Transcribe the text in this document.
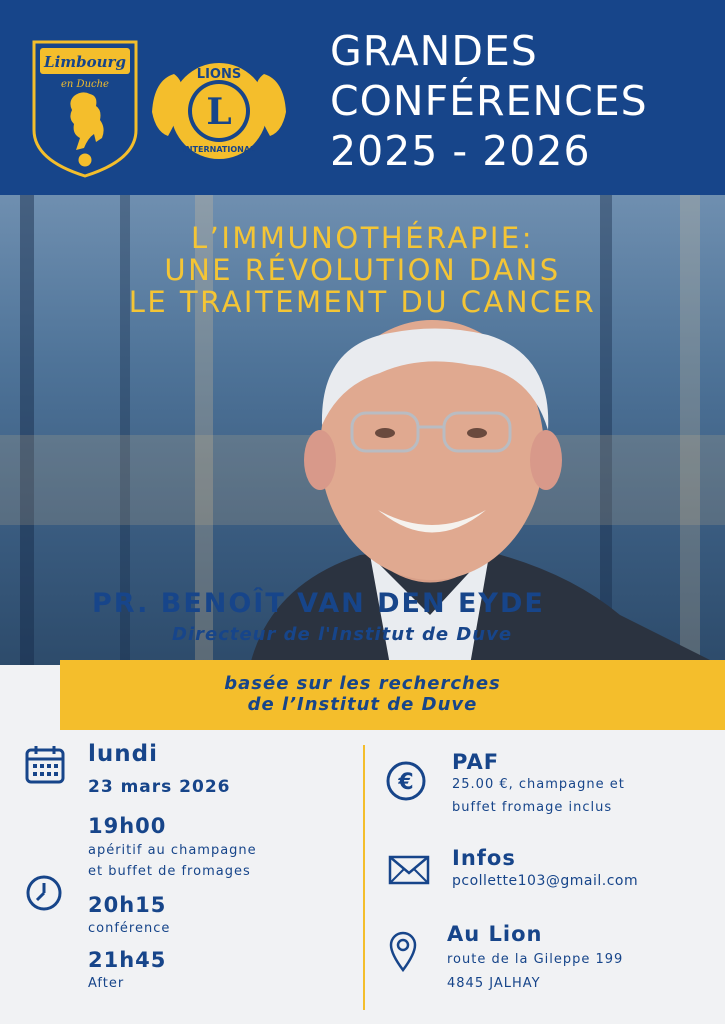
Limbourg
en Duche
L
LIONS
INTERNATIONAL
GRANDES
CONFÉRENCES
2025 - 2026
L’IMMUNOTHÉRAPIE:
UNE RÉVOLUTION DANS
LE TRAITEMENT DU CANCER
PR. BENOÎT VAN DEN EYDE
Directeur de l'Institut de Duve
basée sur les recherches
de l’Institut de Duve
lundi
23 mars 2026
19h00
apéritif au champagne
et buffet de fromages
20h15
conférence
21h45
After
€
PAF
25.00 €, champagne et
buffet fromage inclus
Infos
pcollette103@gmail.com
Au Lion
route de la Gileppe 199
4845 JALHAY
